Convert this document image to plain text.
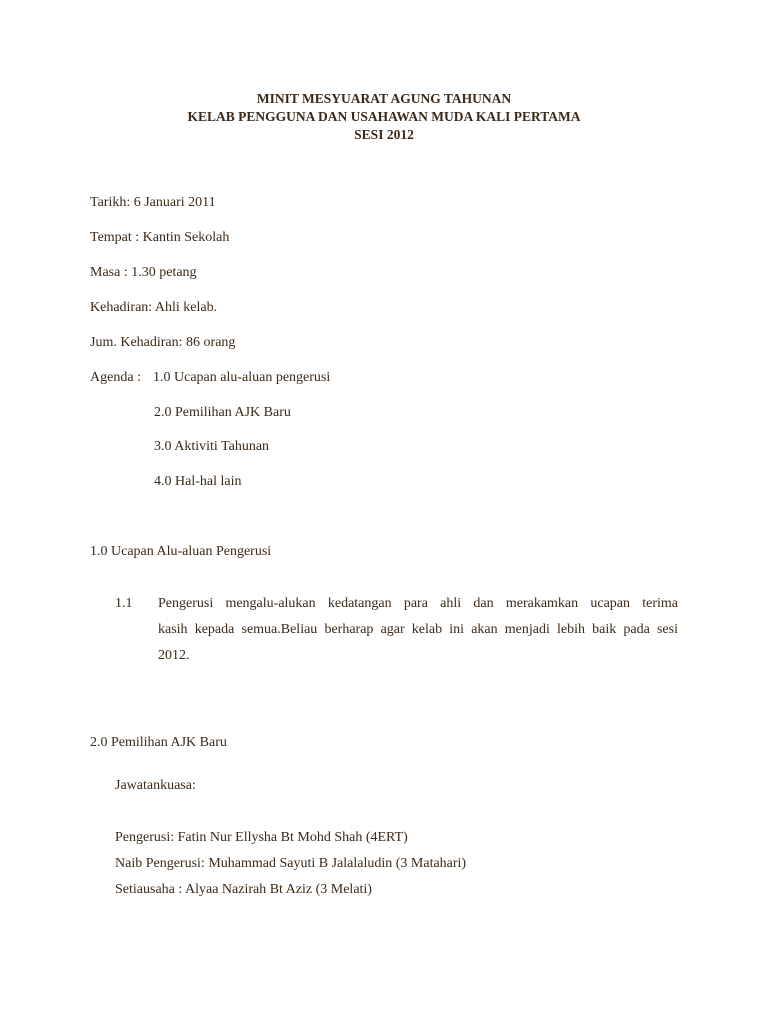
MINIT MESYUARAT AGUNG TAHUNAN
KELAB PENGGUNA DAN USAHAWAN MUDA KALI PERTAMA
SESI 2012
Tarikh: 6 Januari 2011
Tempat : Kantin Sekolah
Masa : 1.30 petang
Kehadiran: Ahli kelab.
Jum. Kehadiran: 86 orang
Agenda : 1.0 Ucapan alu-aluan pengerusi
2.0 Pemilihan AJK Baru
3.0 Aktiviti Tahunan
4.0 Hal-hal lain
1.0 Ucapan Alu-aluan Pengerusi
1.1 Pengerusi mengalu-alukan kedatangan para ahli dan merakamkan ucapan terima
kasih kepada semua.Beliau berharap agar kelab ini akan menjadi lebih baik pada sesi
2012.
2.0 Pemilihan AJK Baru
Jawatankuasa:
Pengerusi: Fatin Nur Ellysha Bt Mohd Shah (4ERT)
Naib Pengerusi: Muhammad Sayuti B Jalalaludin (3 Matahari)
Setiausaha : Alyaa Nazirah Bt Aziz (3 Melati)
